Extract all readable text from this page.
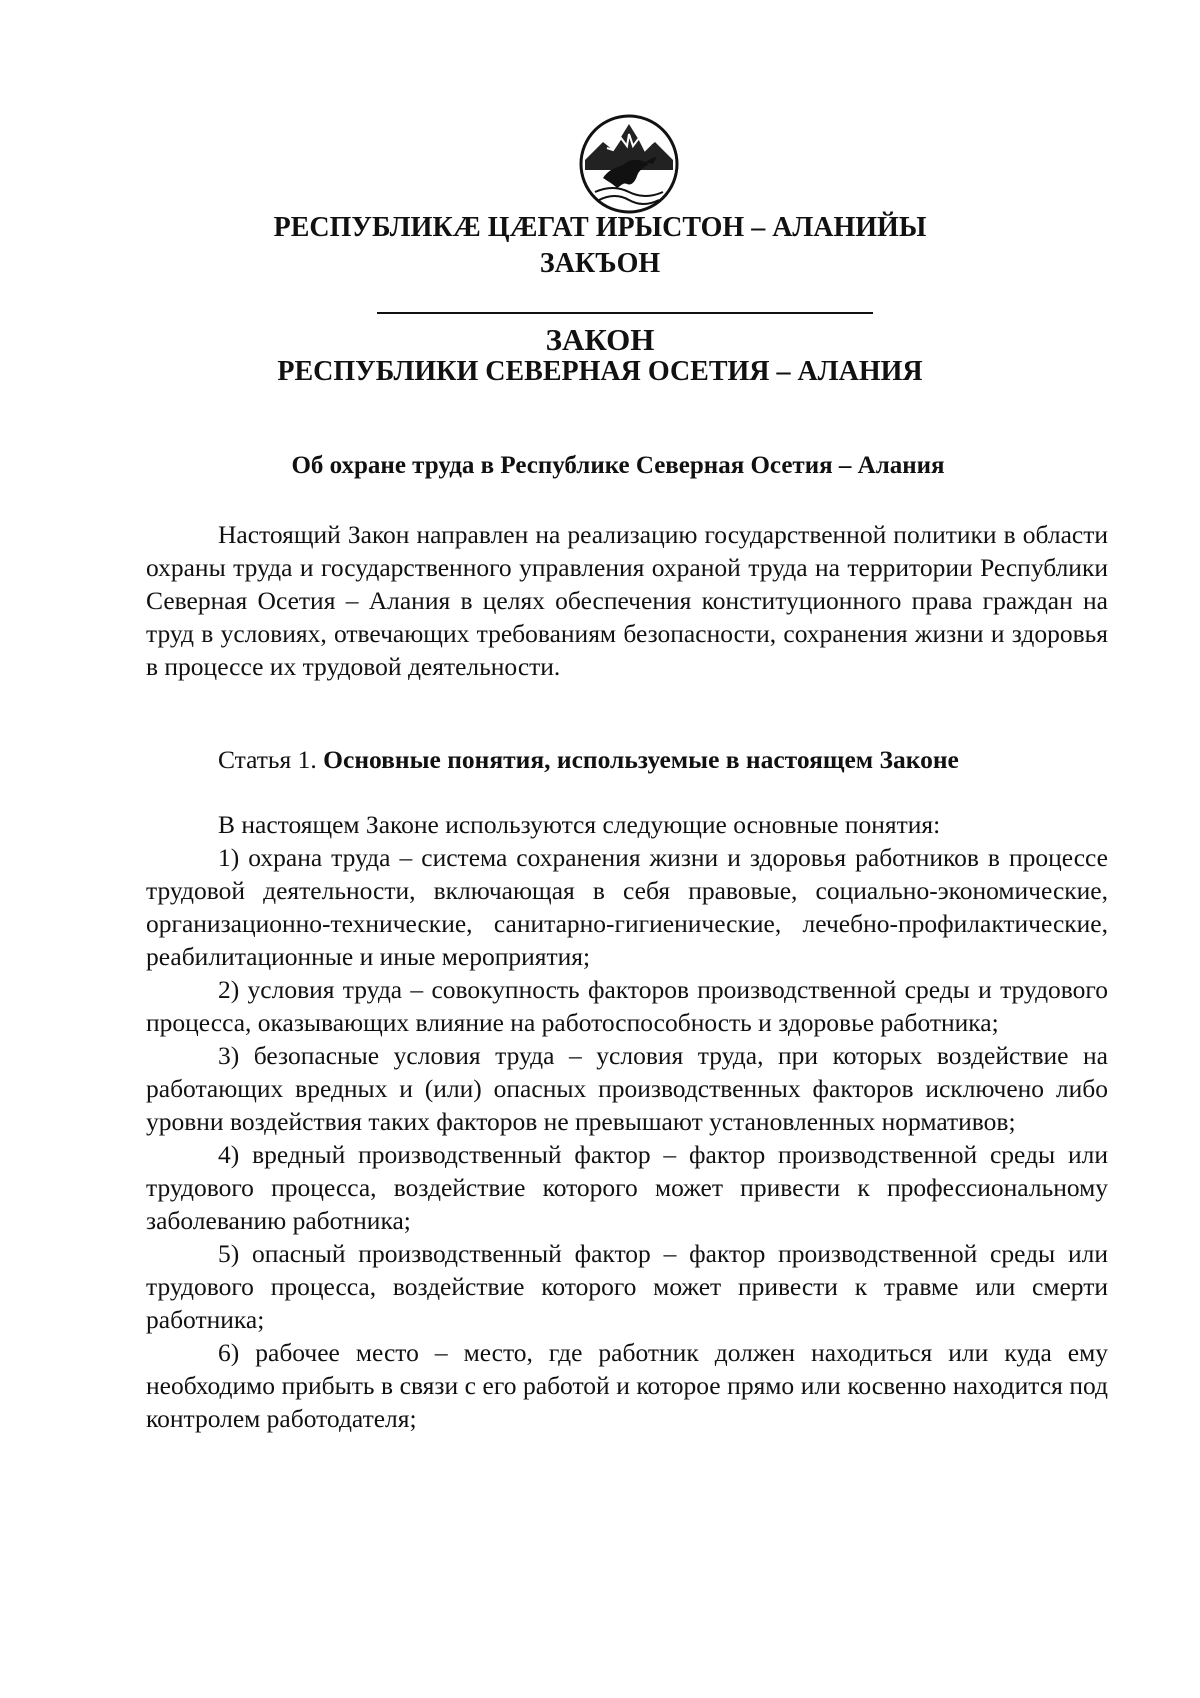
РЕСПУБЛИКӔ ЦӔГАТ ИРЫСТОН – АЛАНИЙЫ
ЗАКЪОН
ЗАКОН
РЕСПУБЛИКИ СЕВЕРНАЯ ОСЕТИЯ – АЛАНИЯ
Об охране труда в Республике Северная Осетия – Алания

Настоящий Закон направлен на реализацию государственной политики в области охраны труда и государственного управления охраной труда на территории Республики Северная Осетия – Алания в целях обеспечения конституционного права граждан на труд в условиях, отвечающих требованиям безопасности, сохранения жизни и здоровья в процессе их трудовой деятельности.

Статья 1. Основные понятия, используемые в настоящем Законе

В настоящем Законе используются следующие основные понятия:

1) охрана труда – система сохранения жизни и здоровья работников в процессе трудовой деятельности, включающая в себя правовые, социально-экономические, организационно-технические, санитарно-гигиенические, лечебно-профилактические, реабилитационные и иные мероприятия;

2) условия труда – совокупность факторов производственной среды и трудового процесса, оказывающих влияние на работоспособность и здоровье работника;

3) безопасные условия труда – условия труда, при которых воздействие на работающих вредных и (или) опасных производственных факторов исключено либо уровни воздействия таких факторов не превышают установленных нормативов;

4) вредный производственный фактор – фактор производственной среды или трудового процесса, воздействие которого может привести к профессиональному заболеванию работника;

5) опасный производственный фактор – фактор производственной среды или трудового процесса, воздействие которого может привести к травме или смерти работника;

6) рабочее место – место, где работник должен находиться или куда ему необходимо прибыть в связи с его работой и которое прямо или косвенно находится под контролем работодателя;
